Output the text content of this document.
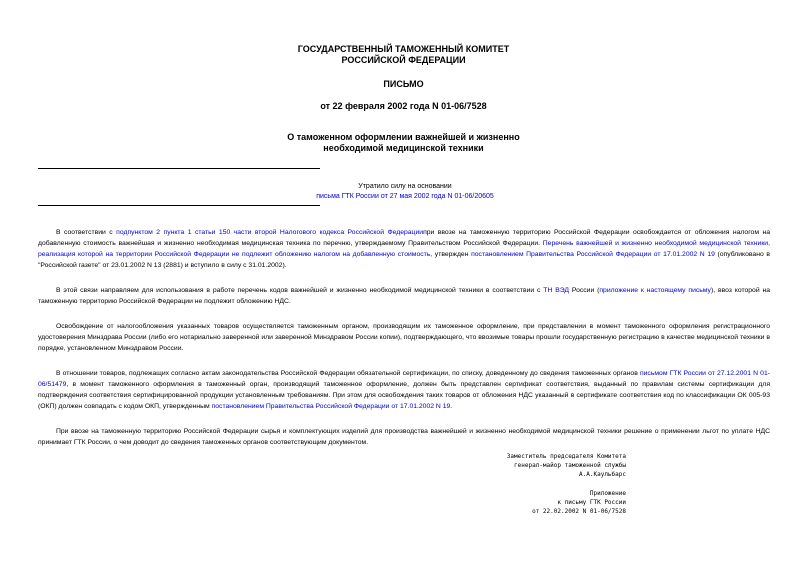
ГОСУДАРСТВЕННЫЙ ТАМОЖЕННЫЙ КОМИТЕТ
РОССИЙСКОЙ ФЕДЕРАЦИИ
ПИСЬМО
от 22 февраля 2002 года N 01-06/7528
О таможенном оформлении важнейшей и жизненно
необходимой медицинской техники
Утратило силу на основании
письма ГТК России от 27 мая 2002 года N 01-06/20605

В соответствии с подпунктом 2 пункта 1 статьи 150 части второй Налогового кодекса Российской Федерациипри ввозе на таможенную территорию Российской Федерации освобождается от обложения налогом на добавленную стоимость важнейшая и жизненно необходимая медицинская техника по перечню, утверждаемому Правительством Российской Федерации. Перечень важнейшей и жизненно необходимой медицинской техники, реализация которой на территории Российской Федерации не подлежит обложению налогом на добавленную стоимость, утвержден постановлением Правительства Российской Федерации от 17.01.2002 N 19 (опубликовано в "Российской газете" от 23.01.2002 N 13 (2881) и вступило в силу с 31.01.2002).

В этой связи направляем для использования в работе перечень кодов важнейшей и жизненно необходимой медицинской техники в соответствии с ТН ВЭД России (приложение к настоящему письму), ввоз которой на таможенную территорию Российской Федерации не подлежит обложению НДС.

Освобождение от налогообложения указанных товаров осуществляется таможенным органом, производящим их таможенное оформление, при представлении в момент таможенного оформления регистрационного удостоверения Минздрава России (либо его нотариально заверенной или заверенной Минздравом России копии), подтверждающего, что ввозимые товары прошли государственную регистрацию в качестве медицинской техники в порядке, установленном Минздравом России.

В отношении товаров, подлежащих согласно актам законодательства Российской Федерации обязательной сертификации, по списку, доведенному до сведения таможенных органов письмом ГТК России от 27.12.2001 N 01-06/51479, в момент таможенного оформления в таможенный орган, производящий таможенное оформление, должен быть представлен сертификат соответствия, выданный по правилам системы сертификации для подтверждения соответствия сертифицированной продукции установленным требованиям. При этом для освобождения таких товаров от обложения НДС указанный в сертификате соответствия код по классификации ОК 005-93 (ОКП) должен совпадать с кодом ОКП, утвержденным постановлением Правительства Российской Федерации от 17.01.2002 N 19.

При ввозе на таможенную территорию Российской Федерации сырья и комплектующих изделий для производства важнейшей и жизненно необходимой медицинской техники решение о применении льгот по уплате НДС принимает ГТК России, о чем доводит до сведения таможенных органов соответствующим документом.

Заместитель председателя Комитета
генерал-майор таможенной службы
А.А.Каульбарс
Приложение
к письму ГТК России
от 22.02.2002 N 01-06/7528
